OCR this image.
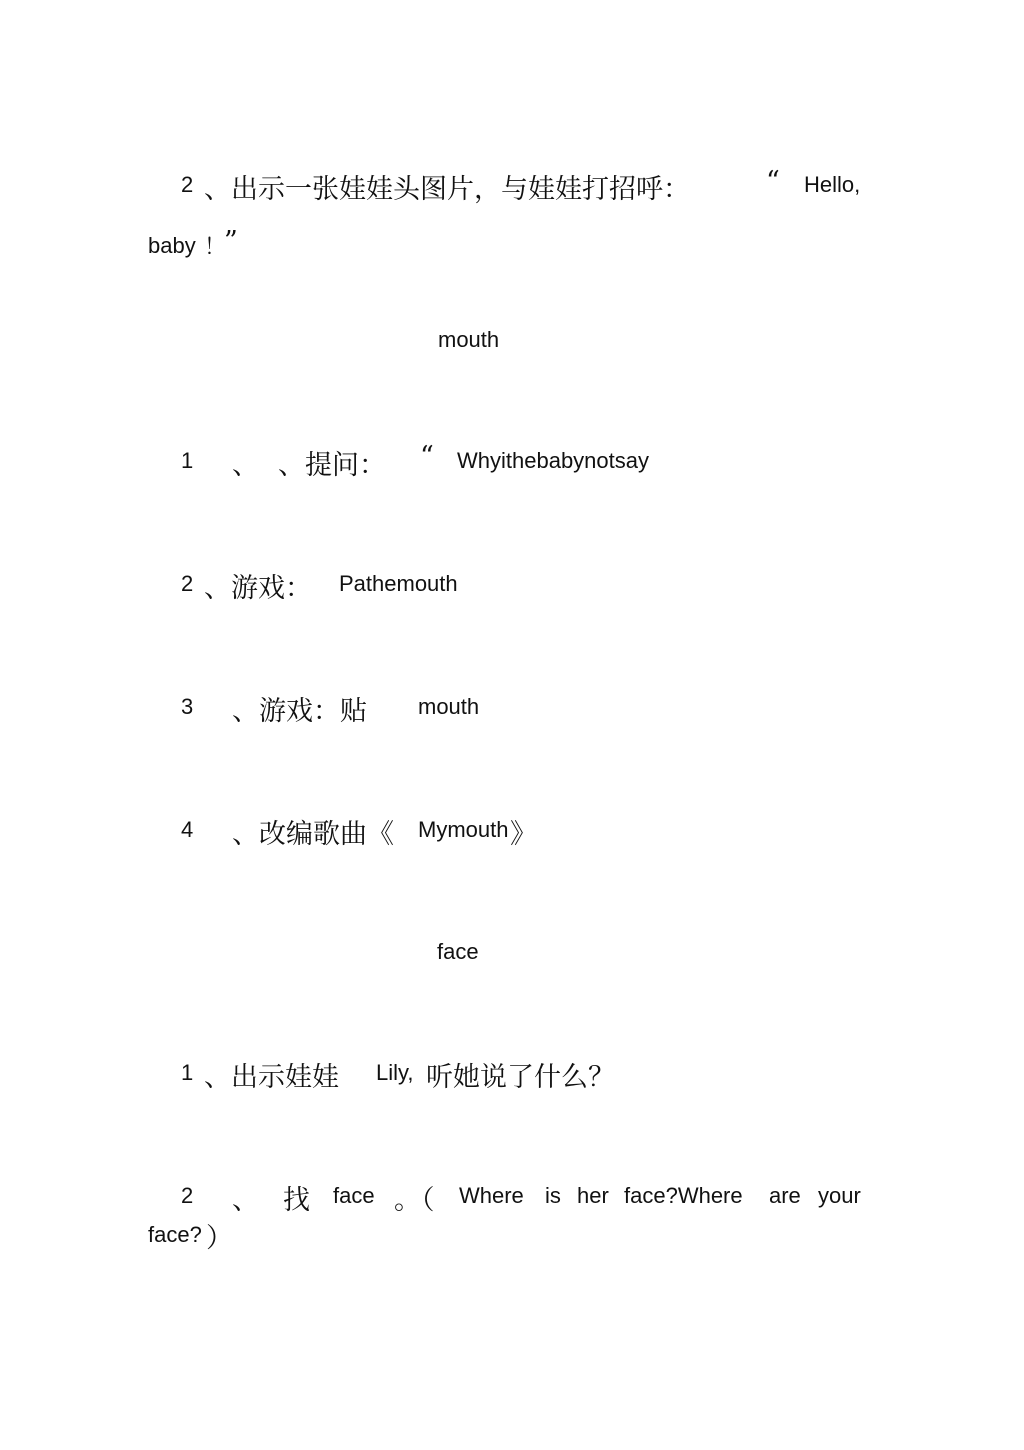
2 、出示一张娃娃头图片，与娃娃打招呼：	“ Hello,
baby ！
”
mouth
1 、 、提问： “ Whyithebabynotsay
2 、游戏： Pathemouth
3 、游戏：贴 mouth
4 、改编歌曲《 Mymouth 》
face
1 、出示娃娃 Lily, 听她说了什么？
2 、 找 face 。（ Where is her face?Where are your
face? ）
